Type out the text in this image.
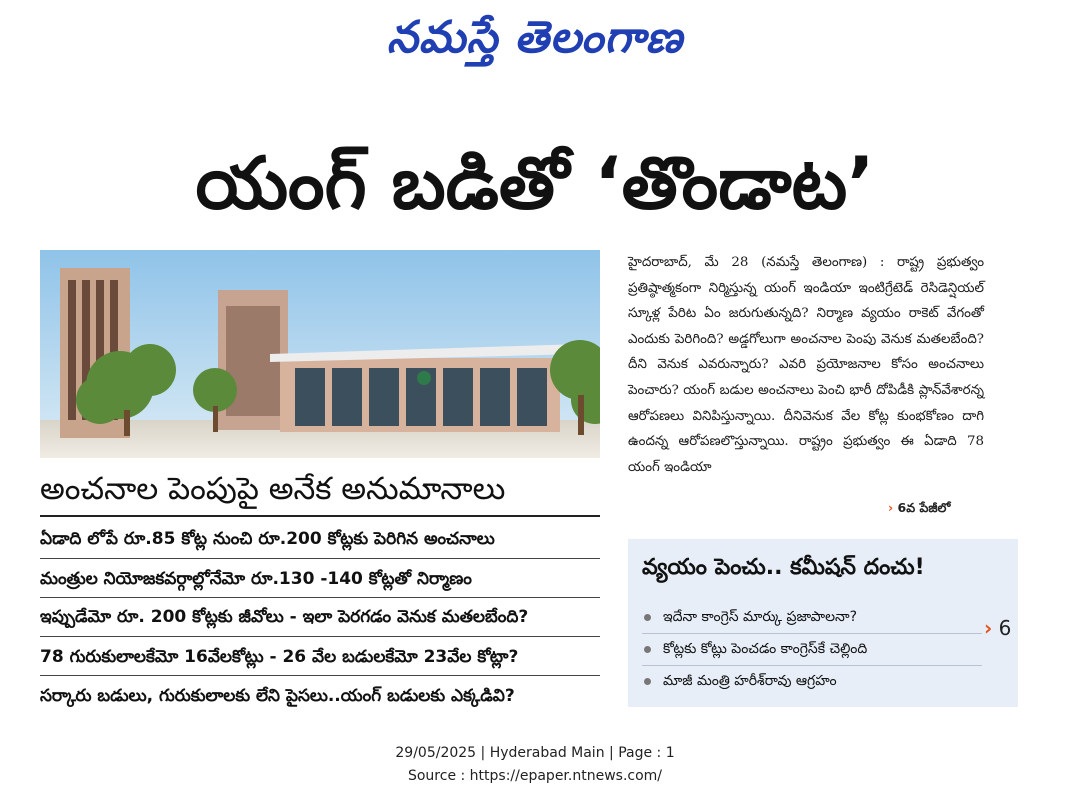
నమస్తే తెలంగాణ
యంగ్ బడితో ‘తొండాట’
అంచనాల పెంపుపై అనేక అనుమానాలు
ఏడాది లోపే రూ.85 కోట్ల నుంచి రూ.200 కోట్లకు పెరిగిన అంచనాలు
మంత్రుల నియోజకవర్గాల్లోనేమో రూ.130 -140 కోట్లతో నిర్మాణం
ఇప్పుడేమో రూ. 200 కోట్లకు జీవోలు - ఇలా పెరగడం వెనుక మతలబేంది?
78 గురుకులాలకేమో 16వేలకోట్లు - 26 వేల బడులకేమో 23వేల కోట్లా?
సర్కారు బడులు, గురుకులాలకు లేని పైసలు..యంగ్ బడులకు ఎక్కడివి?

హైదరాబాద్, మే 28 (నమస్తే తెలంగాణ) : రాష్ట్ర ప్రభుత్వం ప్రతిష్ఠాత్మకంగా నిర్మిస్తున్న యంగ్ ఇండియా ఇంటిగ్రేటెడ్ రెసిడెన్షియల్ స్కూళ్ల పేరిట ఏం జరుగుతున్నది? నిర్మాణ వ్యయం రాకెట్ వేగంతో ఎందుకు పెరిగింది? అడ్డగోలుగా అంచనాల పెంపు వెనుక మతలబేంది? దీని వెనుక ఎవరున్నారు? ఎవరి ప్రయోజనాల కోసం అంచనాలు పెంచారు? యంగ్ బడుల అంచనాలు పెంచి భారీ దోపిడీకి ప్లాన్‌వేశారన్న ఆరోపణలు వినిపిస్తున్నాయి. దీనివెనుక వేల కోట్ల కుంభకోణం దాగి ఉందన్న ఆరోపణలొస్తున్నాయి. రాష్ట్రం ప్రభుత్వం ఈ ఏడాది 78 యంగ్ ఇండియా

› 6వ పేజీలో
వ్యయం పెంచు.. కమీషన్ దంచు!
ఇదేనా కాంగ్రెస్ మార్కు ప్రజాపాలనా?
కోట్లకు కోట్లు పెంచడం కాంగ్రెస్‌కే చెల్లింది
మాజీ మంత్రి హరీశ్‌రావు ఆగ్రహం
› 6
29/05/2025 | Hyderabad Main | Page : 1
Source : https://epaper.ntnews.com/
